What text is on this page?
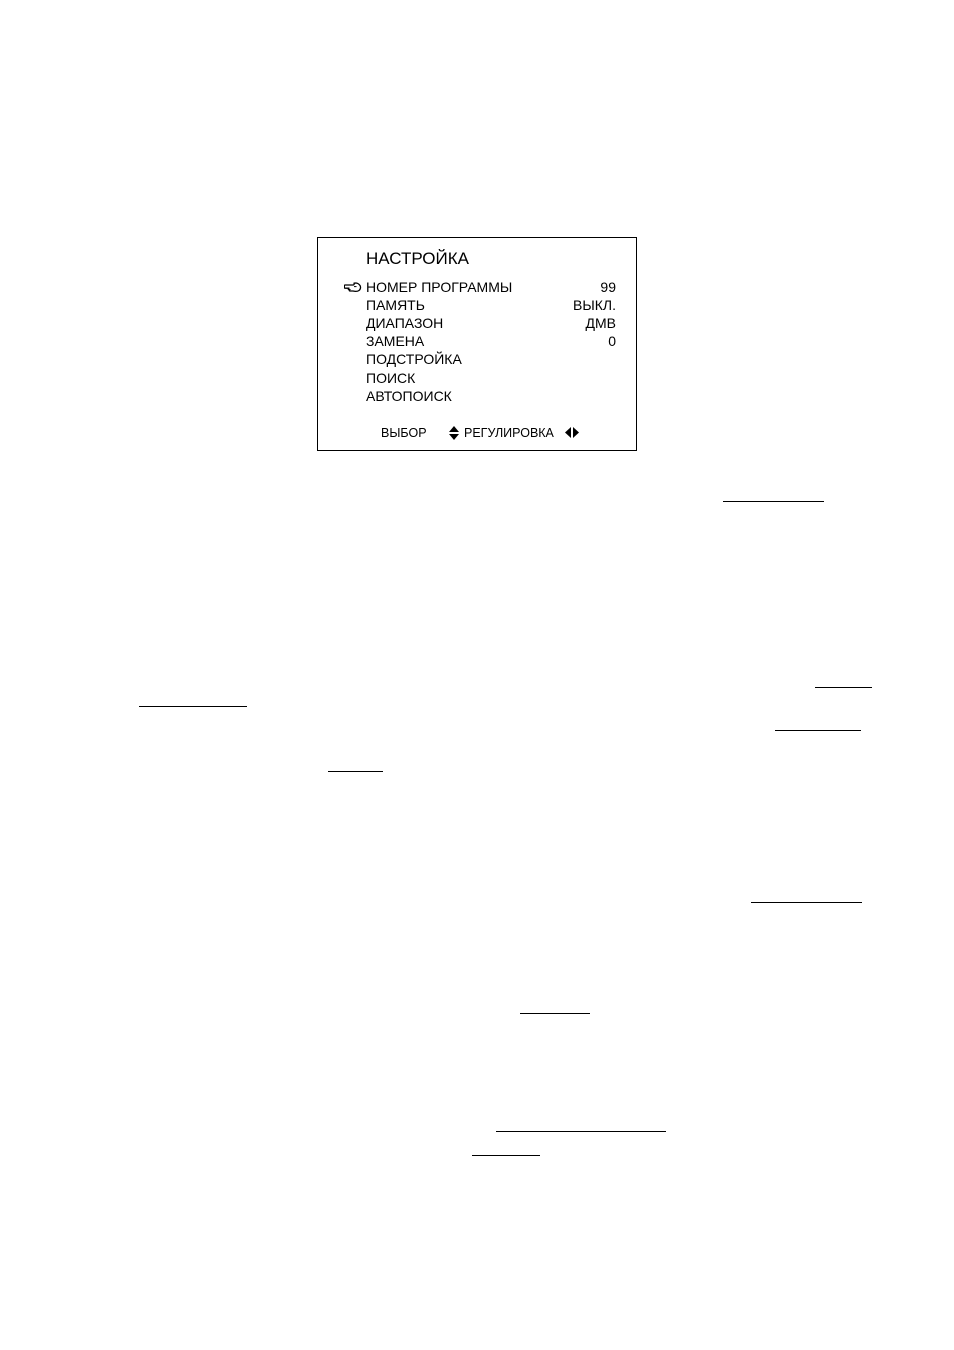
НАСТРОЙКА
НОМЕР ПРОГРАММЫ	99
ПАМЯТЬ	ВЫКЛ.
ДИАПАЗОН	ДМВ
ЗАМЕНА	0
ПОДСТРОЙКА
ПОИСК
АВТОПОИСК
ВЫБОР	РЕГУЛИРОВКА
